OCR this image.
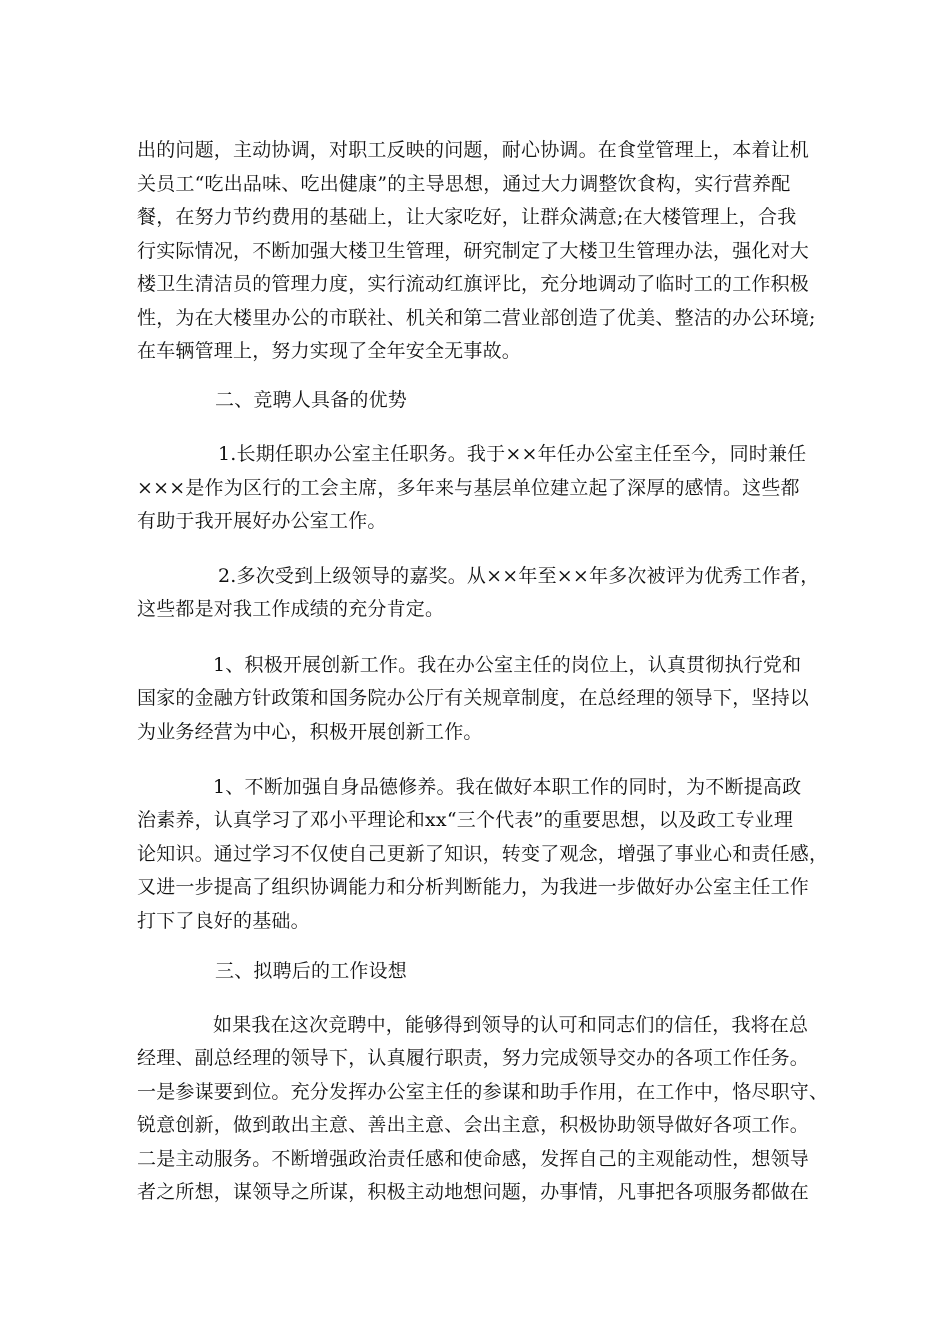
出的问题，主动协调，对职工反映的问题，耐心协调。在食堂管理上，本着让机
关员工“吃出品味、吃出健康”的主导思想，通过大力调整饮食构，实行营养配
餐，在努力节约费用的基础上，让大家吃好，让群众满意;在大楼管理上，合我
行实际情况，不断加强大楼卫生管理，研究制定了大楼卫生管理办法，强化对大
楼卫生清洁员的管理力度，实行流动红旗评比，充分地调动了临时工的工作积极
性，为在大楼里办公的市联社、机关和第二营业部创造了优美、整洁的办公环境;
在车辆管理上，努力实现了全年安全无事故。
二、竞聘人具备的优势
1.长期任职办公室主任职务。我于××年任办公室主任至今，同时兼任
×××是作为区行的工会主席，多年来与基层单位建立起了深厚的感情。这些都
有助于我开展好办公室工作。
2.多次受到上级领导的嘉奖。从××年至××年多次被评为优秀工作者，
这些都是对我工作成绩的充分肯定。
1、积极开展创新工作。我在办公室主任的岗位上，认真贯彻执行党和
国家的金融方针政策和国务院办公厅有关规章制度，在总经理的领导下，坚持以
为业务经营为中心，积极开展创新工作。
1、不断加强自身品德修养。我在做好本职工作的同时，为不断提高政
治素养，认真学习了邓小平理论和xx“三个代表”的重要思想，以及政工专业理
论知识。通过学习不仅使自己更新了知识，转变了观念，增强了事业心和责任感，
又进一步提高了组织协调能力和分析判断能力，为我进一步做好办公室主任工作
打下了良好的基础。
三、拟聘后的工作设想
如果我在这次竞聘中，能够得到领导的认可和同志们的信任，我将在总
经理、副总经理的领导下，认真履行职责，努力完成领导交办的各项工作任务。
一是参谋要到位。充分发挥办公室主任的参谋和助手作用，在工作中，恪尽职守、
锐意创新，做到敢出主意、善出主意、会出主意，积极协助领导做好各项工作。
二是主动服务。不断增强政治责任感和使命感，发挥自己的主观能动性，想领导
者之所想，谋领导之所谋，积极主动地想问题，办事情，凡事把各项服务都做在
